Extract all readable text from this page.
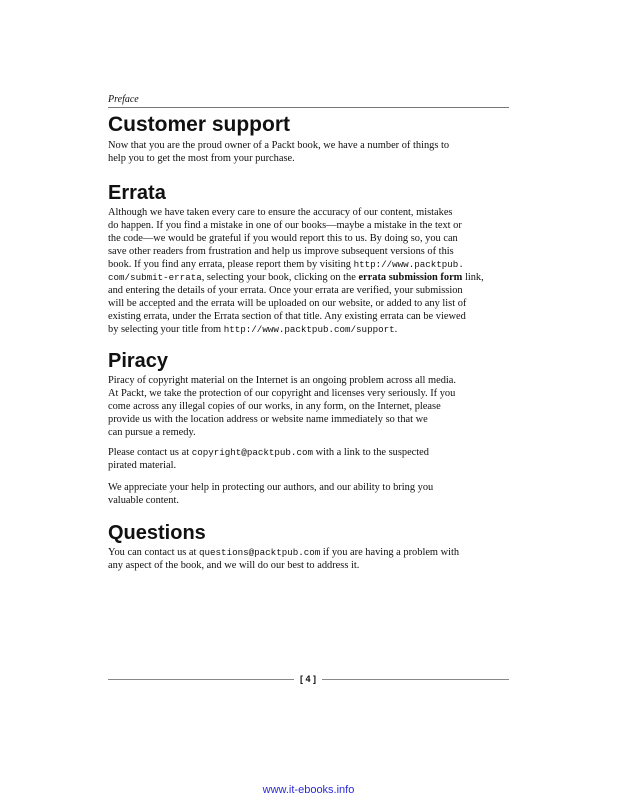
Preface
Customer support

Now that you are the proud owner of a Packt book, we have a number of things to
help you to get the most from your purchase.

Errata

Although we have taken every care to ensure the accuracy of our content, mistakes
do happen. If you find a mistake in one of our books—maybe a mistake in the text or
the code—we would be grateful if you would report this to us. By doing so, you can
save other readers from frustration and help us improve subsequent versions of this
book. If you find any errata, please report them by visiting http://www.packtpub.
com/submit-errata, selecting your book, clicking on the errata submission form link,
and entering the details of your errata. Once your errata are verified, your submission
will be accepted and the errata will be uploaded on our website, or added to any list of
existing errata, under the Errata section of that title. Any existing errata can be viewed
by selecting your title from http://www.packtpub.com/support.

Piracy

Piracy of copyright material on the Internet is an ongoing problem across all media.
At Packt, we take the protection of our copyright and licenses very seriously. If you
come across any illegal copies of our works, in any form, on the Internet, please
provide us with the location address or website name immediately so that we
can pursue a remedy.

Please contact us at copyright@packtpub.com with a link to the suspected
pirated material.

We appreciate your help in protecting our authors, and our ability to bring you
valuable content.

Questions

You can contact us at questions@packtpub.com if you are having a problem with
any aspect of the book, and we will do our best to address it.

[ 4 ]
www.it-ebooks.info
